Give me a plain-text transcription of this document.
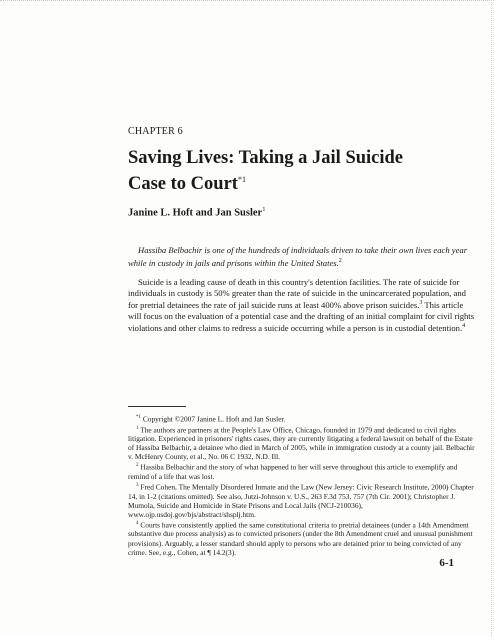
CHAPTER 6
Saving Lives: Taking a Jail Suicide Case to Court$^{*1}$
Janine L. Hoft and Jan Susler$^1$

Hassiba Belbachir is one of the hundreds of individuals driven to take their own lives each year while in custody in jails and prisons within the United States.$^2$

Suicide is a leading cause of death in this country's detention facilities. The rate of suicide for individuals in custody is 50% greater than the rate of suicide in the unincarcerated population, and for pretrial detainees the rate of jail suicide runs at least 400% above prison suicides.$^3$ This article will focus on the evaluation of a potential case and the drafting of an initial complaint for civil rights violations and other claims to redress a suicide occurring while a person is in custodial detention.$^4$

$^{*1}$ Copyright ©2007 Janine L. Hoft and Jan Susler.

$^1$ The authors are partners at the People's Law Office, Chicago, founded in 1979 and dedicated to civil rights litigation. Experienced in prisoners' rights cases, they are currently litigating a federal lawsuit on behalf of the Estate of Hassiba Belbachir, a detainee who died in March of 2005, while in immigration custody at a county jail. Belbachir v. McHenry County, et al., No. 06 C 1932, N.D. Ill.

$^2$ Hassiba Belbachir and the story of what happened to her will serve throughout this article to exemplify and remind of a life that was lost.

$^3$ Fred Cohen, The Mentally Disordered Inmate and the Law (New Jersey: Civic Research Institute, 2000) Chapter 14, in 1-2 (citations omitted). See also, Jutzi-Johnson v. U.S., 263 F.3d 753, 757 (7th Cir. 2001); Christopher J. Mumola, Suicide and Homicide in State Prisons and Local Jails (NCJ-210036), www.ojp.usdoj.gov/bjs/abstract/shsplj.htm.

$^4$ Courts have consistently applied the same constitutional criteria to pretrial detainees (under a 14th Amendment substantive due process analysis) as to convicted prisoners (under the 8th Amendment cruel and unusual punishment provisions). Arguably, a lesser standard should apply to persons who are detained prior to being convicted of any crime. See, e.g., Cohen, at ¶ 14.2(3).

6-1
